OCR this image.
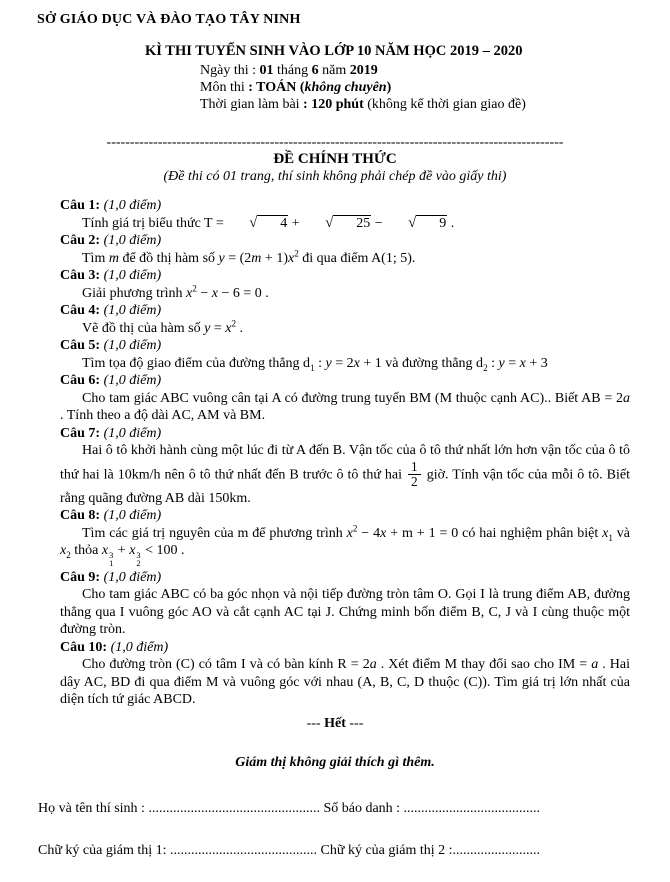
SỞ GIÁO DỤC VÀ ĐÀO TẠO TÂY NINH
KÌ THI TUYỂN SINH VÀO LỚP 10 NĂM HỌC 2019 – 2020
Ngày thi : 01 tháng 6 năm 2019
Môn thi : TOÁN (không chuyên)
Thời gian làm bài : 120 phút (không kể thời gian giao đề)
--------------------------------------------------------------------------------------------------
ĐỀ CHÍNH THỨC
(Đề thi có 01 trang, thí sinh không phải chép đề vào giấy thi)
Câu 1: (1,0 điểm)
Tính giá trị biểu thức T = √ 4 + √ 25 − √ 9 .
Câu 2: (1,0 điểm)
Tìm m để đồ thị hàm số $y = (2m + 1)x^2$ đi qua điểm A(1; 5).
Câu 3: (1,0 điểm)
Giải phương trình $x^2 - x - 6 = 0$ .
Câu 4: (1,0 điểm)
Vẽ đồ thị của hàm số $y = x^2$ .
Câu 5: (1,0 điểm)
Tìm tọa độ giao điểm của đường thẳng $d_1$ : y = 2x + 1 và đường thẳng $d_2$ : y = x + 3
Câu 6: (1,0 điểm)
Cho tam giác ABC vuông cân tại A có đường trung tuyến BM (M thuộc cạnh AC).. Biết AB = 2a . Tính theo a độ dài AC, AM và BM.
Câu 7: (1,0 điểm)
Hai ô tô khởi hành cùng một lúc đi từ A đến B. Vận tốc của ô tô thứ nhất lớn hơn vận tốc của ô tô thứ hai là 10km/h nên ô tô thứ nhất đến B trước ô tô thứ hai $\frac{1}{2}$ giờ. Tính vận tốc của mỗi ô tô. Biết rằng quãng đường AB dài 150km.
Câu 8: (1,0 điểm)
Tìm các giá trị nguyên của m để phương trình $x^2 - 4x + m + 1 = 0$ có hai nghiệm phân biệt $x_1$ và $x_2$ thỏa x 3
1
+ x 3
2
< 100 .
Câu 9: (1,0 điểm)
Cho tam giác ABC có ba góc nhọn và nội tiếp đường tròn tâm O. Gọi I là trung điểm AB, đường thẳng qua I vuông góc AO và cắt cạnh AC tại J. Chứng minh bốn điểm B, C, J và I cùng thuộc một đường tròn.
Câu 10: (1,0 điểm)
Cho đường tròn (C) có tâm I và có bàn kính R = 2a . Xét điểm M thay đổi sao cho IM = a . Hai dây AC, BD đi qua điểm M và vuông góc với nhau (A, B, C, D thuộc (C)). Tìm giá trị lớn nhất của diện tích tứ giác ABCD.
--- Hết ---
Giám thị không giải thích gì thêm.
Họ và tên thí sinh : ................................................. Số báo danh : .......................................
Chữ ký của giám thị 1: .......................................... Chữ ký của giám thị 2 :.........................
